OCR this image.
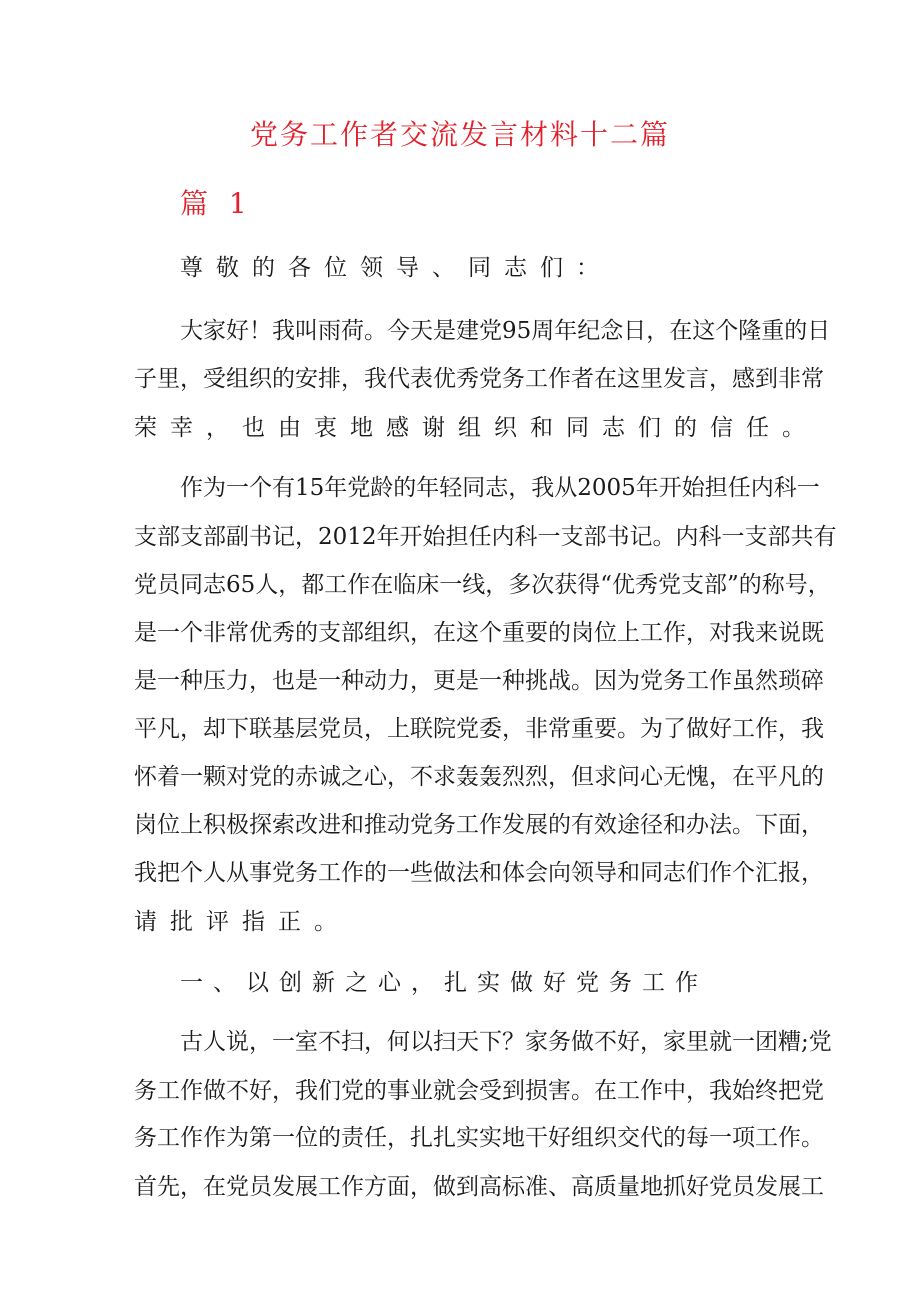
党务工作者交流发言材料十二篇
篇 1
尊敬的各位领导、同志们：
大家好！我叫雨荷。今天是建党95周年纪念日，在这个隆重的日
子里，受组织的安排，我代表优秀党务工作者在这里发言，感到非常
荣幸，也由衷地感谢组织和同志们的信任。
作为一个有15年党龄的年轻同志，我从2005年开始担任内科一
支部支部副书记，2012年开始担任内科一支部书记。内科一支部共有
党员同志65人，都工作在临床一线，多次获得“优秀党支部”的称号，
是一个非常优秀的支部组织，在这个重要的岗位上工作，对我来说既
是一种压力，也是一种动力，更是一种挑战。因为党务工作虽然琐碎
平凡，却下联基层党员，上联院党委，非常重要。为了做好工作，我
怀着一颗对党的赤诚之心，不求轰轰烈烈，但求问心无愧，在平凡的
岗位上积极探索改进和推动党务工作发展的有效途径和办法。下面，
我把个人从事党务工作的一些做法和体会向领导和同志们作个汇报，
请批评指正。
一、以创新之心，扎实做好党务工作
古人说，一室不扫，何以扫天下？家务做不好，家里就一团糟;党
务工作做不好，我们党的事业就会受到损害。在工作中，我始终把党
务工作作为第一位的责任，扎扎实实地干好组织交代的每一项工作。
首先，在党员发展工作方面，做到高标准、高质量地抓好党员发展工
